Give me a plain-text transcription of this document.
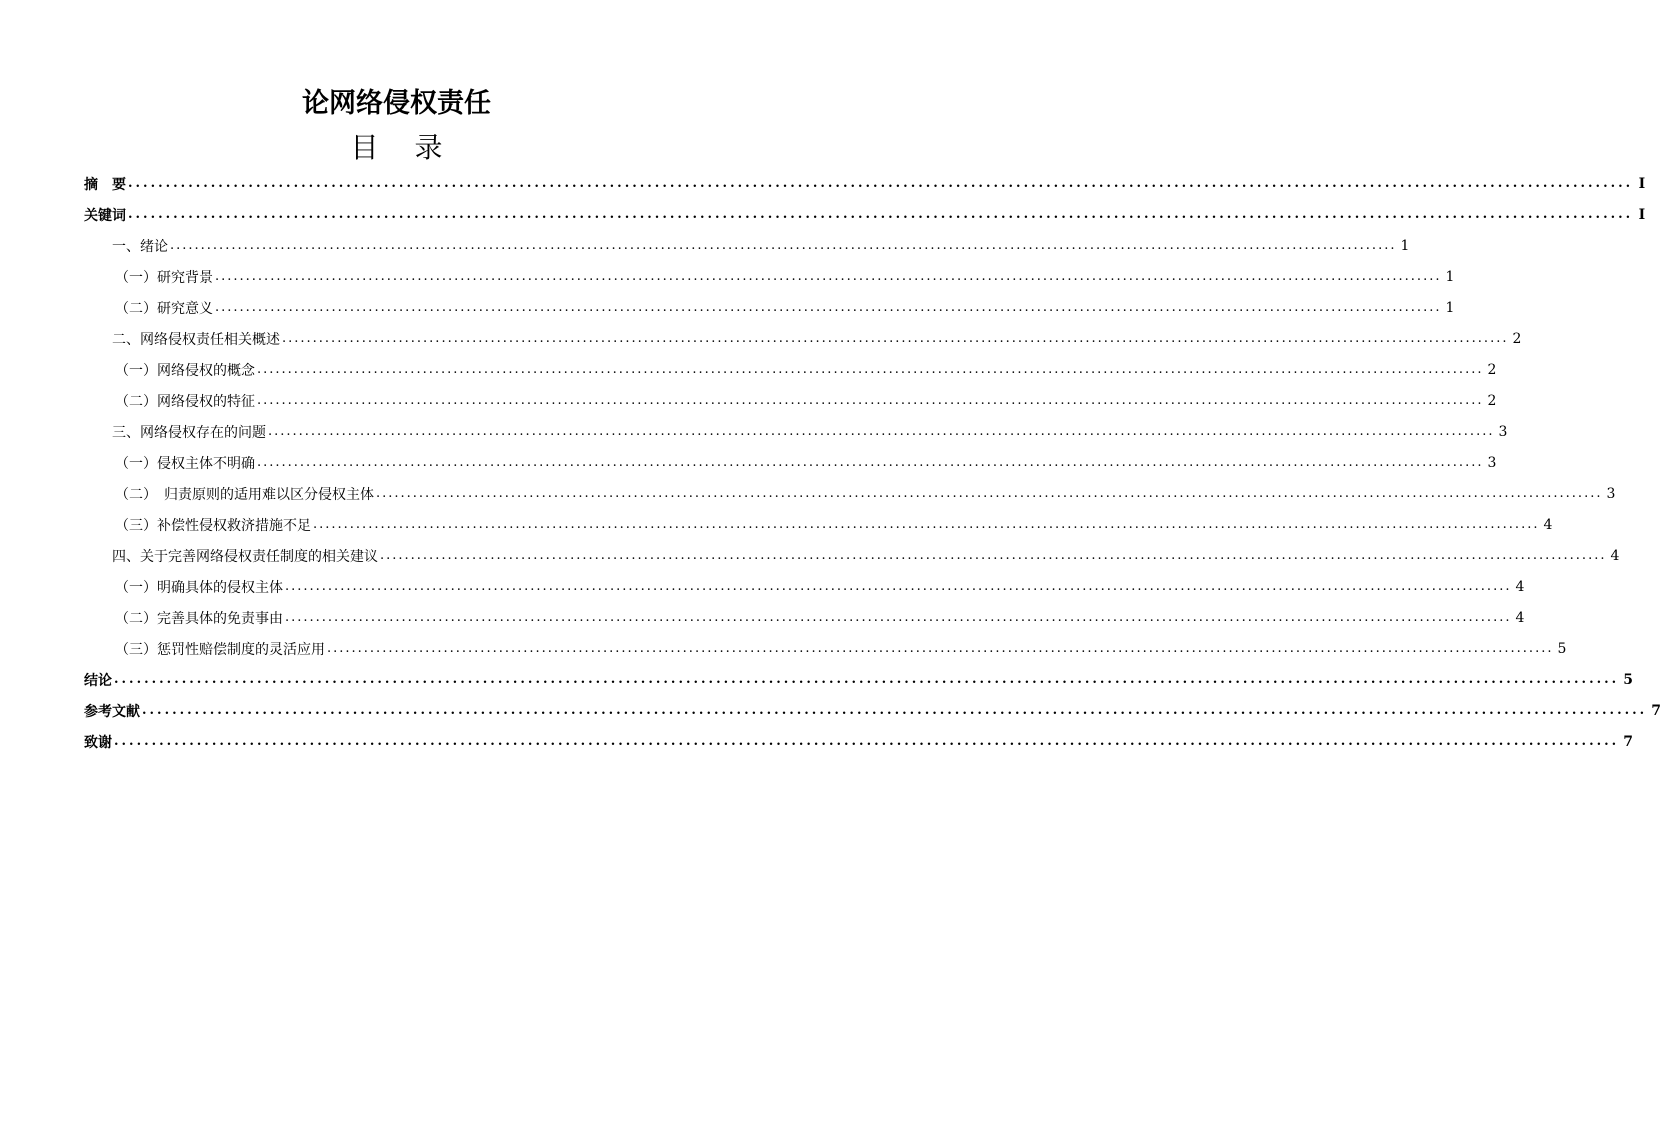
论网络侵权责任
目 录
摘　要 ........................................................................................................................................................................................................ I
关键词 ........................................................................................................................................................................................................ I
一、绪论 ........................................................................................................................................................................................................ 1
（一）研究背景 ........................................................................................................................................................................................................ 1
（二）研究意义 ........................................................................................................................................................................................................ 1
二、网络侵权责任相关概述 ........................................................................................................................................................................................................ 2
（一）网络侵权的概念 ........................................................................................................................................................................................................ 2
（二）网络侵权的特征 ........................................................................................................................................................................................................ 2
三、网络侵权存在的问题 ........................................................................................................................................................................................................ 3
（一）侵权主体不明确 ........................................................................................................................................................................................................ 3
（二）　归责原则的适用难以区分侵权主体 ........................................................................................................................................................................................................ 3
（三）补偿性侵权救济措施不足 ........................................................................................................................................................................................................ 4
四、关于完善网络侵权责任制度的相关建议 ........................................................................................................................................................................................................ 4
（一）明确具体的侵权主体 ........................................................................................................................................................................................................ 4
（二）完善具体的免责事由 ........................................................................................................................................................................................................ 4
（三）惩罚性赔偿制度的灵活应用 ........................................................................................................................................................................................................ 5
结论 ........................................................................................................................................................................................................ 5
参考文献 ........................................................................................................................................................................................................ 7
致谢 ........................................................................................................................................................................................................ 7
